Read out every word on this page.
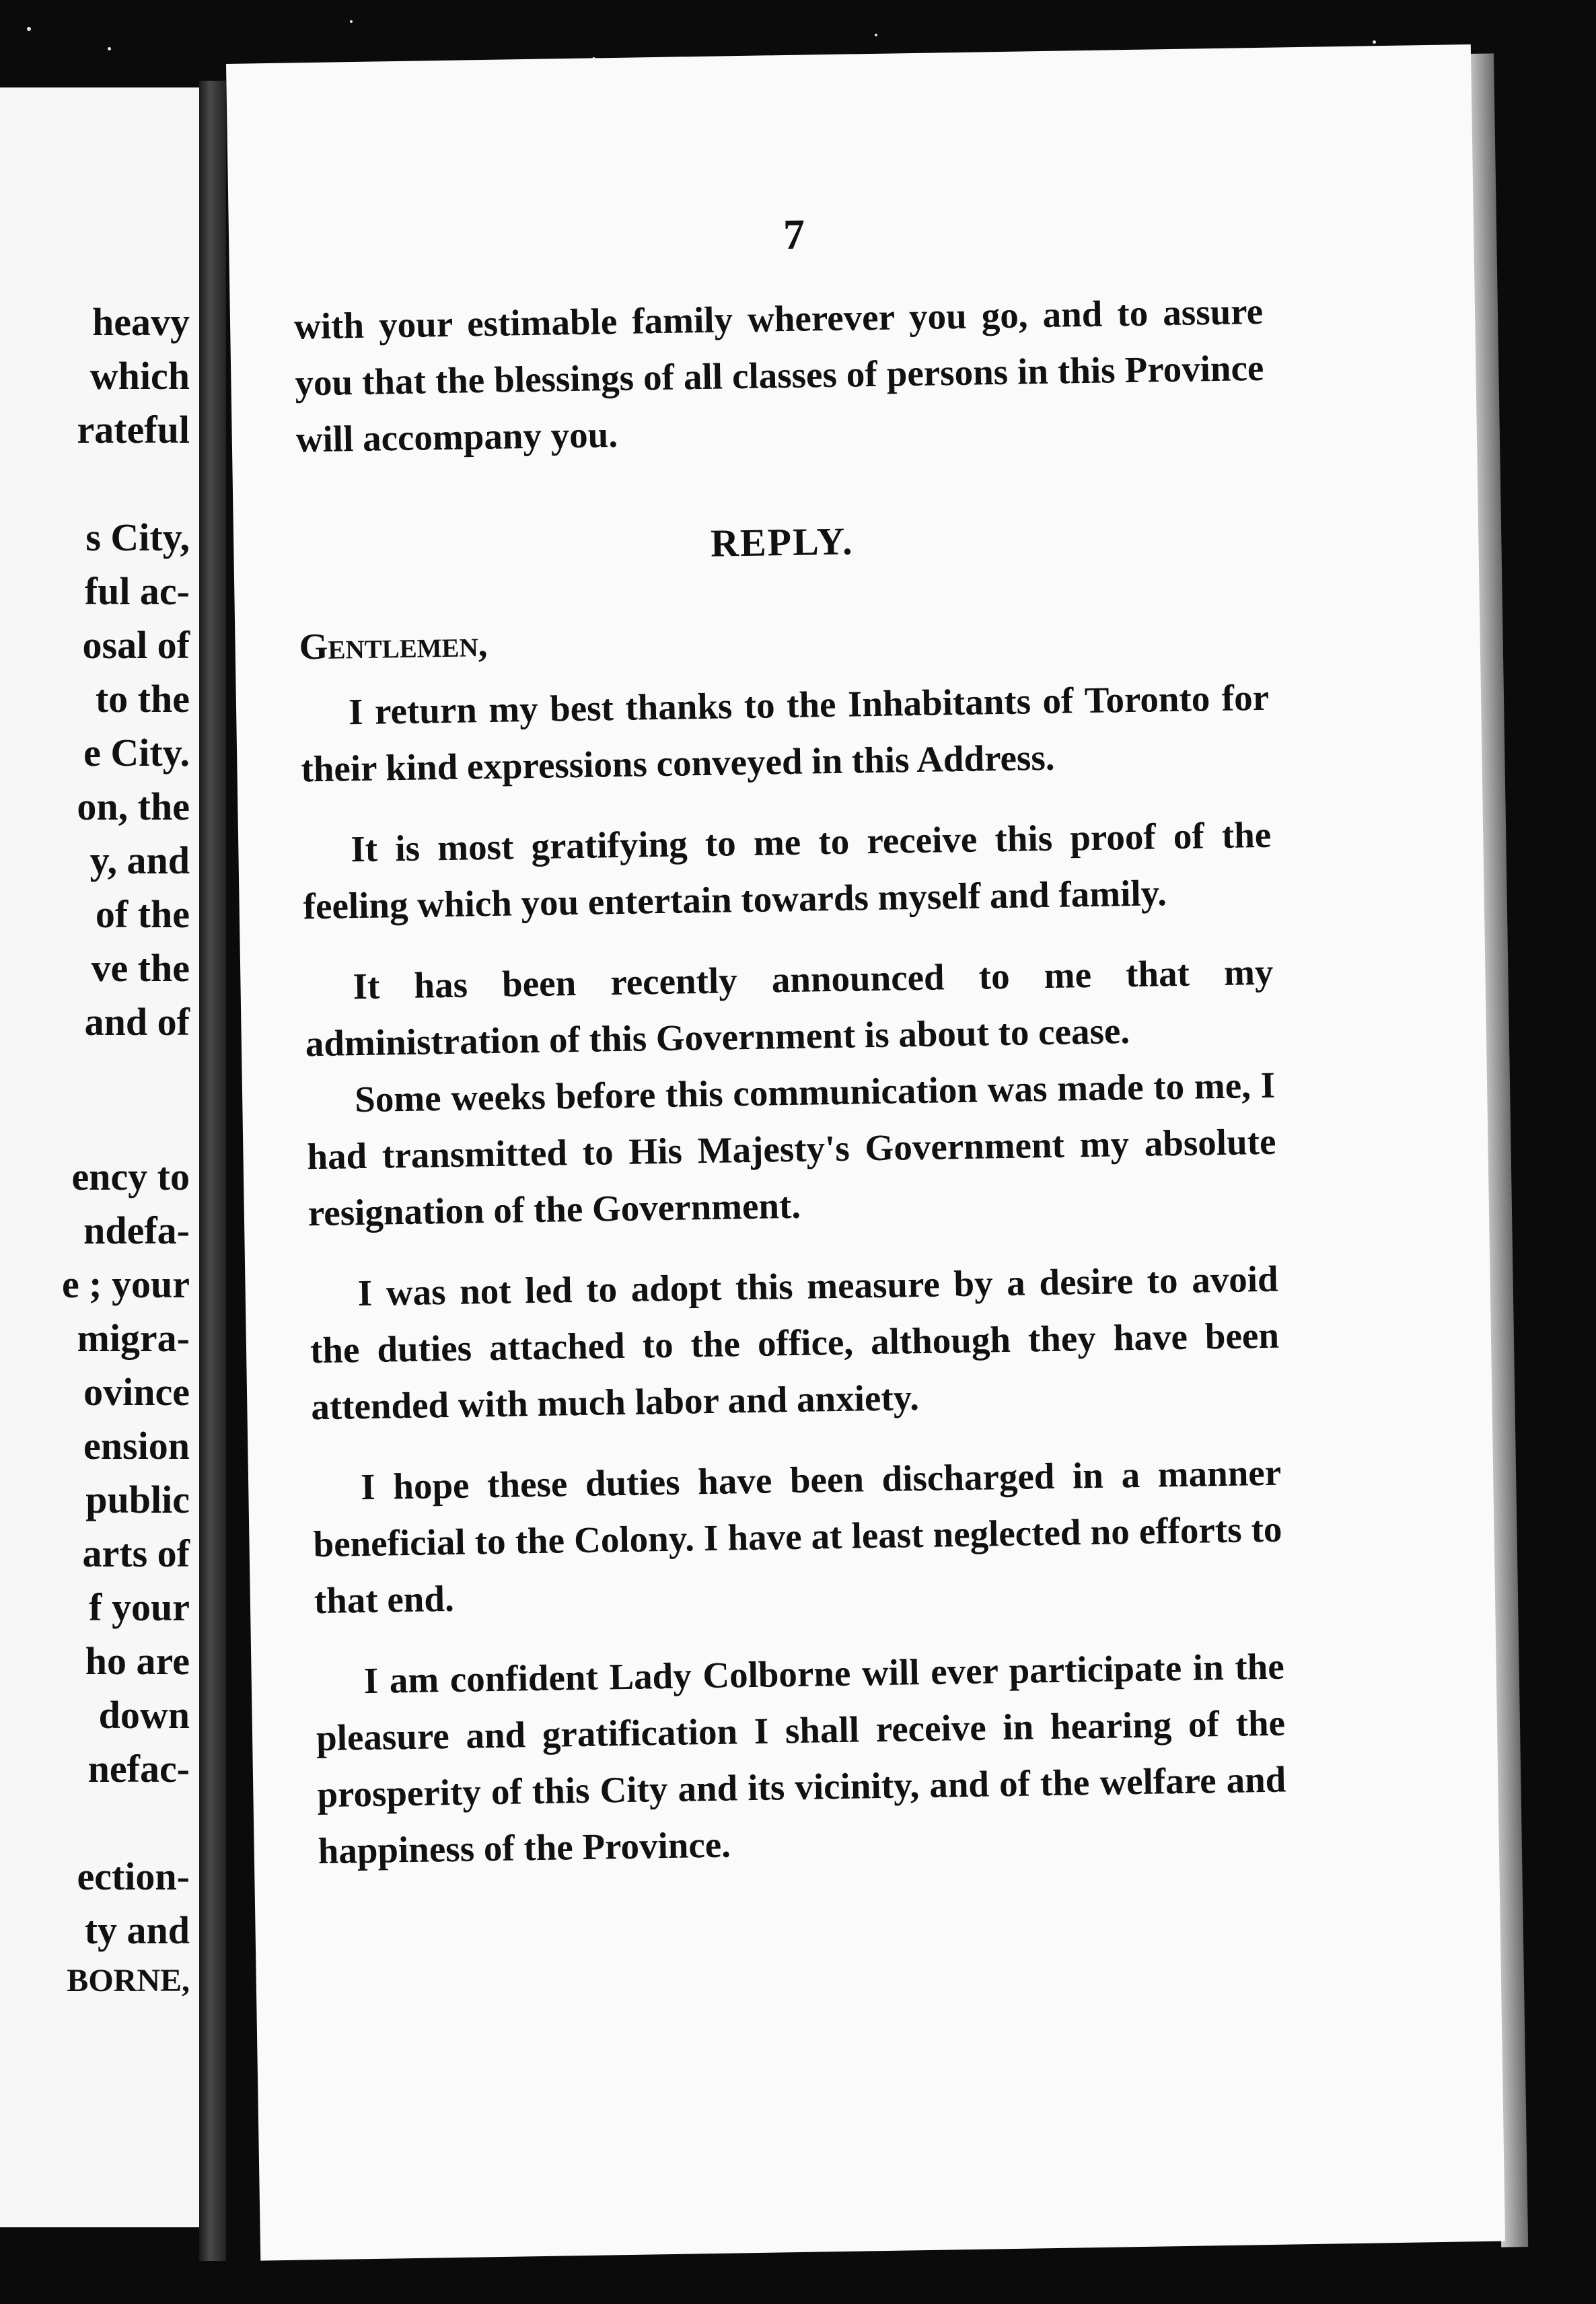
heavy
which
rateful
s City,
ful ac-
osal of
to the
e City.
on, the
y, and
of the
ve the
and of
ency to
ndefa-
e ; your
migra-
ovince
ension
public
arts of
f your
ho are
down
nefac-
ection-
ty and
BORNE,
7

with your estimable family wherever you go, and to assure you that the blessings of all classes of persons in this Province will accompany you.

REPLY.

Gentlemen,

I return my best thanks to the Inhabitants of Toronto for their kind expressions conveyed in this Address.

It is most gratifying to me to receive this proof of the feeling which you entertain towards myself and family.

It has been recently announced to me that my administration of this Government is about to cease.

Some weeks before this communication was made to me, I had transmitted to His Majesty's Government my absolute resignation of the Government.

I was not led to adopt this measure by a desire to avoid the duties attached to the office, although they have been attended with much labor and anxiety.

I hope these duties have been discharged in a manner beneficial to the Colony. I have at least neglected no efforts to that end.

I am confident Lady Colborne will ever participate in the pleasure and gratification I shall receive in hearing of the prosperity of this City and its vicinity, and of the welfare and happiness of the Province.
